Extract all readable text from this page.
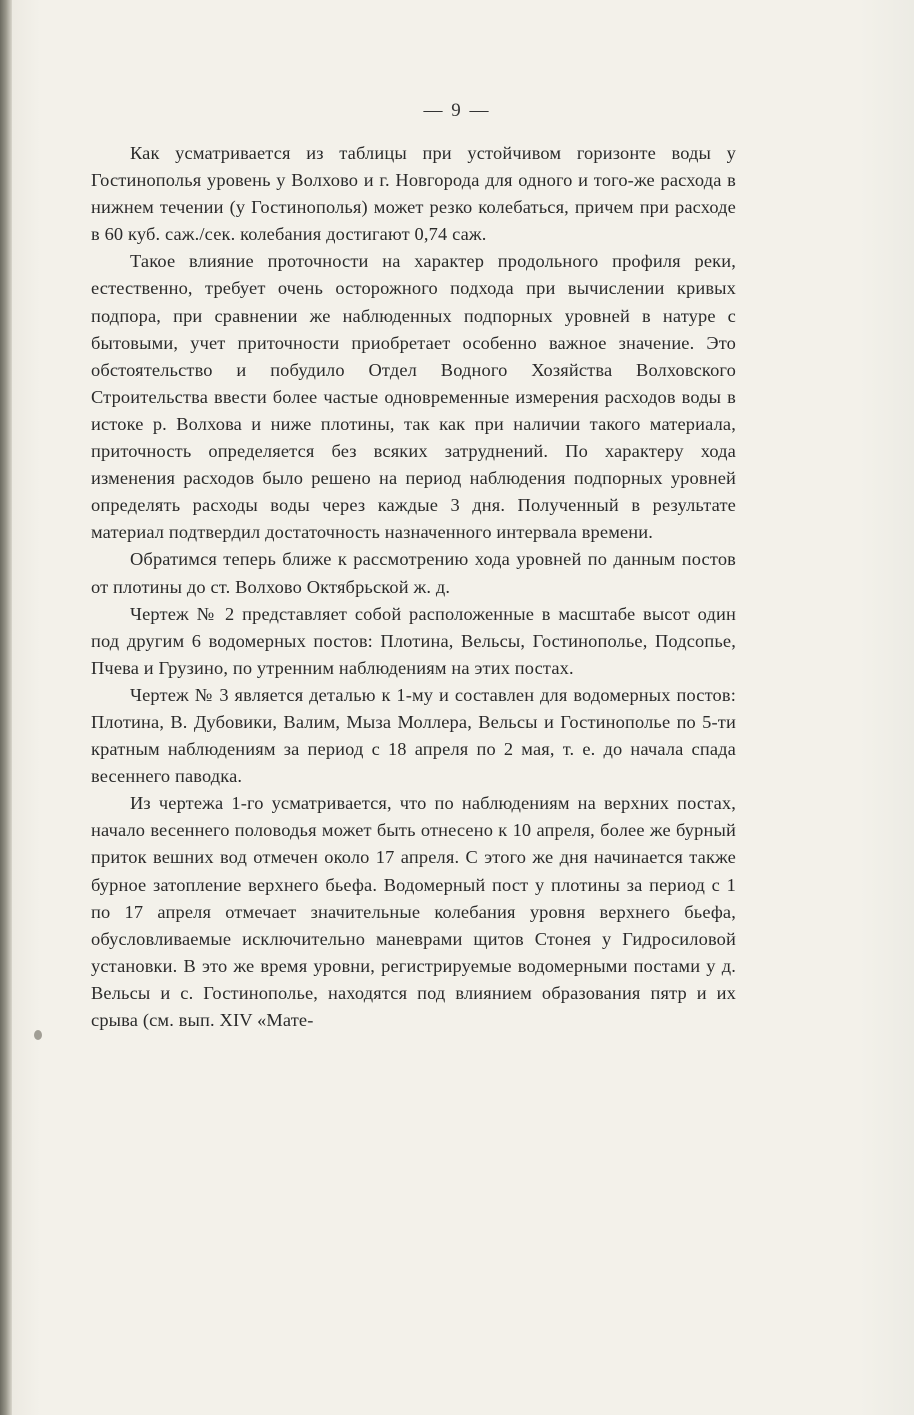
— 9 —

Как усматривается из таблицы при устойчивом горизонте воды у Гостинополья уровень у Волхово и г. Новгорода для одного и того-же расхода в нижнем течении (у Гостинополья) может резко колебаться, причем при расходе в 60 куб. саж./сек. колебания достигают 0,74 саж.

Такое влияние проточности на характер продольного профиля реки, естественно, требует очень осторожного подхода при вычислении кривых подпора, при сравнении же наблюденных подпорных уровней в натуре с бытовыми, учет приточности приобретает особенно важное значение. Это обстоятельство и побудило Отдел Водного Хозяйства Волховского Строительства ввести более частые одновременные измерения расходов воды в истоке р. Волхова и ниже плотины, так как при наличии такого материала, приточность определяется без всяких затруднений. По характеру хода изменения расходов было решено на период наблюдения подпорных уровней определять расходы воды через каждые 3 дня. Полученный в результате материал подтвердил достаточность назначенного интервала времени.

Обратимся теперь ближе к рассмотрению хода уровней по данным постов от плотины до ст. Волхово Октябрьской ж. д.

Чертеж № 2 представляет собой расположенные в масштабе высот один под другим 6 водомерных постов: Плотина, Вельсы, Гостинополье, Подсопье, Пчева и Грузино, по утренним наблюдениям на этих постах.

Чертеж № 3 является деталью к 1-му и составлен для водомерных постов: Плотина, В. Дубовики, Валим, Мыза Моллера, Вельсы и Гостинополье по 5-ти кратным наблюдениям за период с 18 апреля по 2 мая, т. е. до начала спада весеннего паводка.

Из чертежа 1-го усматривается, что по наблюдениям на верхних постах, начало весеннего половодья может быть отнесено к 10 апреля, более же бурный приток вешних вод отмечен около 17 апреля. С этого же дня начинается также бурное затопление верхнего бьефа. Водомерный пост у плотины за период с 1 по 17 апреля отмечает значительные колебания уровня верхнего бьефа, обусловливаемые исключительно маневрами щитов Стонея у Гидросиловой установки. В это же время уровни, регистрируемые водомерными постами у д. Вельсы и с. Гостинополье, находятся под влиянием образования пятр и их срыва (см. вып. XIV «Мате-
